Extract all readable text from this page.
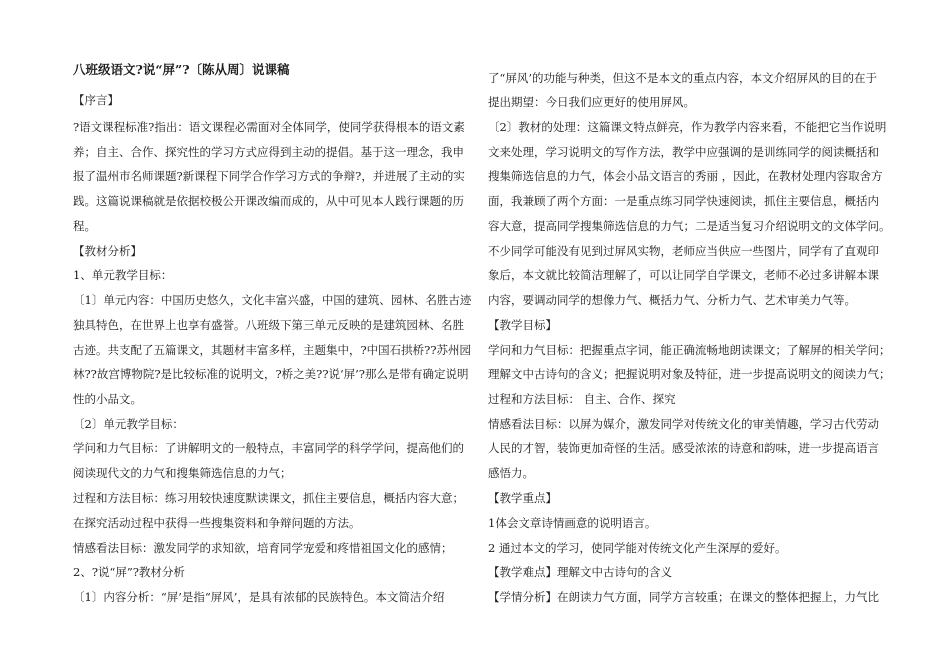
八班级语文?说“屏”?〔陈从周〕说课稿
【序言】
?语文课程标准?指出：语文课程必需面对全体同学，使同学获得根本的语文素
养；自主、合作、探究性的学习方式应得到主动的提倡。基于这一理念，我申
报了温州市名师课题?新课程下同学合作学习方式的争辩?，并进展了主动的实
践。这篇说课稿就是依据校极公开课改编而成的，从中可见本人践行课题的历
程。
【教材分析】
1、单元教学目标：
〔1〕单元内容：中国历史悠久，文化丰富兴盛，中国的建筑、园林、名胜古迹
独具特色，在世界上也享有盛誉。八班级下第三单元反映的是建筑园林、名胜
古迹。共支配了五篇课文，其题材丰富多样，主题集中，?中国石拱桥??苏州园
林??故宫博物院?是比较标准的说明文，?桥之美??说‘屏’?那么是带有确定说明
性的小品文。
〔2〕单元教学目标：
学问和力气目标：了讲解明文的一般特点，丰富同学的科学学问，提高他们的
阅读现代文的力气和搜集筛选信息的力气；
过程和方法目标：练习用较快速度默读课文，抓住主要信息，概括内容大意；
在探究活动过程中获得一些搜集资料和争辩问题的方法。
情感看法目标：激发同学的求知欲，培育同学宠爱和疼惜祖国文化的感情；
2、?说“屏”?教材分析
〔1〕内容分析：“屏’是指“屏风’，是具有浓郁的民族特色。本文简洁介绍
了“屏风’的功能与种类，但这不是本文的重点内容，本文介绍屏风的目的在于
提出期望：今日我们应更好的使用屏风。
〔2〕教材的处理：这篇课文特点鲜亮，作为教学内容来看，不能把它当作说明
文来处理，学习说明文的写作方法，教学中应强调的是训练同学的阅读概括和
搜集筛选信息的力气，体会小品文语言的秀丽 ，因此，在教材处理内容取舍方
面，我兼顾了两个方面：一是重点练习同学快速阅读，抓住主要信息，概括内
容大意，提高同学搜集筛选信息的力气；二是适当复习介绍说明文的文体学问。
不少同学可能没有见到过屏风实物，老师应当供应一些图片，同学有了直观印
象后，本文就比较简洁理解了，可以让同学自学课文，老师不必过多讲解本课
内容，要调动同学的想像力气、概括力气、分析力气、艺术审美力气等。
【教学目标】
学问和力气目标：把握重点字词，能正确流畅地朗读课文；了解屏的相关学问；
理解文中古诗句的含义；把握说明对象及特征，进一步提高说明文的阅读力气；
过程和方法目标： 自主、合作、探究
情感看法目标：以屏为媒介，激发同学对传统文化的审美情趣，学习古代劳动
人民的才智，装饰更加奇怪的生活。感受浓浓的诗意和韵味，进一步提高语言
感悟力。
【教学重点】
1体会文章诗情画意的说明语言。
2 通过本文的学习，使同学能对传统文化产生深厚的爱好。
【教学难点】理解文中古诗句的含义
【学情分析】在朗读力气方面，同学方言较重；在课文的整体把握上，力气比
